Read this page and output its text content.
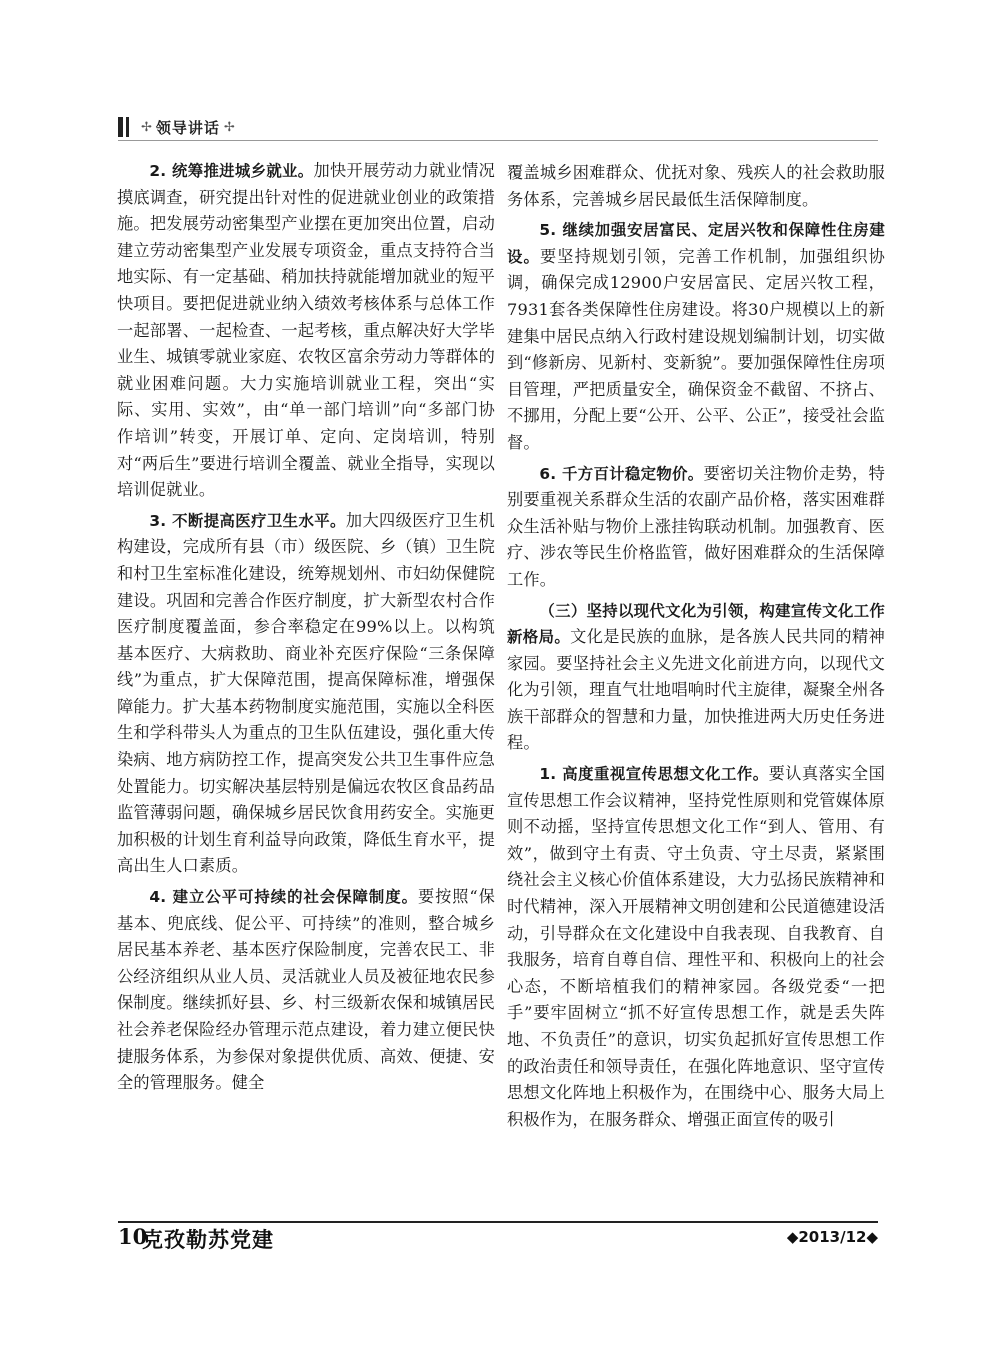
✢ 领导讲话 ✢

2. 统筹推进城乡就业。加快开展劳动力就业情况摸底调查，研究提出针对性的促进就业创业的政策措施。把发展劳动密集型产业摆在更加突出位置，启动建立劳动密集型产业发展专项资金，重点支持符合当地实际、有一定基础、稍加扶持就能增加就业的短平快项目。要把促进就业纳入绩效考核体系与总体工作一起部署、一起检查、一起考核，重点解决好大学毕业生、城镇零就业家庭、农牧区富余劳动力等群体的就业困难问题。大力实施培训就业工程，突出“实际、实用、实效”，由“单一部门培训”向“多部门协作培训”转变，开展订单、定向、定岗培训，特别对“两后生”要进行培训全覆盖、就业全指导，实现以培训促就业。

3. 不断提高医疗卫生水平。加大四级医疗卫生机构建设，完成所有县（市）级医院、乡（镇）卫生院和村卫生室标准化建设，统筹规划州、市妇幼保健院建设。巩固和完善合作医疗制度，扩大新型农村合作医疗制度覆盖面，参合率稳定在99%以上。以构筑基本医疗、大病救助、商业补充医疗保险“三条保障线”为重点，扩大保障范围，提高保障标准，增强保障能力。扩大基本药物制度实施范围，实施以全科医生和学科带头人为重点的卫生队伍建设，强化重大传染病、地方病防控工作，提高突发公共卫生事件应急处置能力。切实解决基层特别是偏远农牧区食品药品监管薄弱问题，确保城乡居民饮食用药安全。实施更加积极的计划生育利益导向政策，降低生育水平，提高出生人口素质。

4. 建立公平可持续的社会保障制度。要按照“保基本、兜底线、促公平、可持续”的准则，整合城乡居民基本养老、基本医疗保险制度，完善农民工、非公经济组织从业人员、灵活就业人员及被征地农民参保制度。继续抓好县、乡、村三级新农保和城镇居民社会养老保险经办管理示范点建设，着力建立便民快捷服务体系，为参保对象提供优质、高效、便捷、安全的管理服务。健全

覆盖城乡困难群众、优抚对象、残疾人的社会救助服务体系，完善城乡居民最低生活保障制度。

5. 继续加强安居富民、定居兴牧和保障性住房建设。要坚持规划引领，完善工作机制，加强组织协调，确保完成12900户安居富民、定居兴牧工程，7931套各类保障性住房建设。将30户规模以上的新建集中居民点纳入行政村建设规划编制计划，切实做到“修新房、见新村、变新貌”。要加强保障性住房项目管理，严把质量安全，确保资金不截留、不挤占、不挪用，分配上要“公开、公平、公正”，接受社会监督。

6. 千方百计稳定物价。要密切关注物价走势，特别要重视关系群众生活的农副产品价格，落实困难群众生活补贴与物价上涨挂钩联动机制。加强教育、医疗、涉农等民生价格监管，做好困难群众的生活保障工作。

（三）坚持以现代文化为引领，构建宣传文化工作新格局。文化是民族的血脉，是各族人民共同的精神家园。要坚持社会主义先进文化前进方向，以现代文化为引领，理直气壮地唱响时代主旋律，凝聚全州各族干部群众的智慧和力量，加快推进两大历史任务进程。

1. 高度重视宣传思想文化工作。要认真落实全国宣传思想工作会议精神，坚持党性原则和党管媒体原则不动摇，坚持宣传思想文化工作“到人、管用、有效”，做到守土有责、守土负责、守土尽责，紧紧围绕社会主义核心价值体系建设，大力弘扬民族精神和时代精神，深入开展精神文明创建和公民道德建设活动，引导群众在文化建设中自我表现、自我教育、自我服务，培育自尊自信、理性平和、积极向上的社会心态，不断培植我们的精神家园。各级党委“一把手”要牢固树立“抓不好宣传思想工作，就是丢失阵地、不负责任”的意识，切实负起抓好宣传思想工作的政治责任和领导责任，在强化阵地意识、坚守宣传思想文化阵地上积极作为，在围绕中心、服务大局上积极作为，在服务群众、增强正面宣传的吸引

10
克孜勒苏党建	◆2013/12◆
